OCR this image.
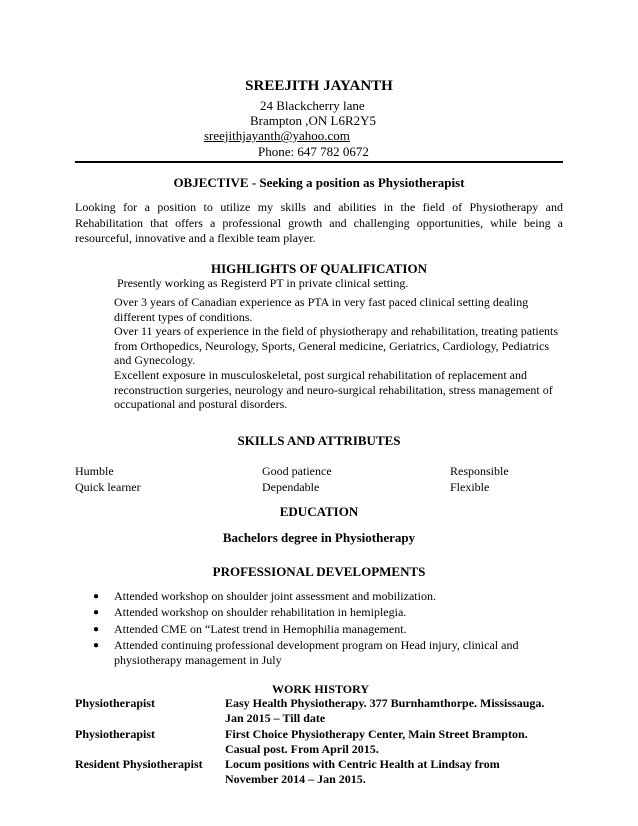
SREEJITH JAYANTH
24 Blackcherry lane
Brampton ,ON L6R2Y5
sreejithjayanth@yahoo.com
Phone: 647 782 0672
OBJECTIVE - Seeking a position as Physiotherapist
Looking for a position to utilize my skills and abilities in the field of Physiotherapy and Rehabilitation that offers a professional growth and challenging opportunities, while being a resourceful, innovative and a flexible team player.
HIGHLIGHTS OF QUALIFICATION
Presently working as Registerd PT in private clinical setting.
Over 3 years of Canadian experience as PTA in very fast paced clinical setting dealing different types of conditions.
Over 11 years of experience in the field of physiotherapy and rehabilitation, treating patients from Orthopedics, Neurology, Sports, General medicine, Geriatrics, Cardiology, Pediatrics and Gynecology.
Excellent exposure in musculoskeletal, post surgical rehabilitation of replacement and reconstruction surgeries, neurology and neuro-surgical rehabilitation, stress management of occupational and postural disorders.
SKILLS AND ATTRIBUTES
Humble	Good patience	Responsible
Quick learner	Dependable	Flexible
EDUCATION
Bachelors degree in Physiotherapy
PROFESSIONAL DEVELOPMENTS
● Attended workshop on shoulder joint assessment and mobilization.
● Attended workshop on shoulder rehabilitation in hemiplegia.
● Attended CME on “Latest trend in Hemophilia management.
● Attended continuing professional development program on Head injury, clinical and physiotherapy management in July
WORK HISTORY
Physiotherapist	Easy Health Physiotherapy. 377 Burnhamthorpe. Mississauga.
Jan 2015 – Till date
Physiotherapist	First Choice Physiotherapy Center, Main Street Brampton.
Casual post. From April 2015.
Resident Physiotherapist Locum positions with Centric Health at Lindsay from
November 2014 – Jan 2015.
